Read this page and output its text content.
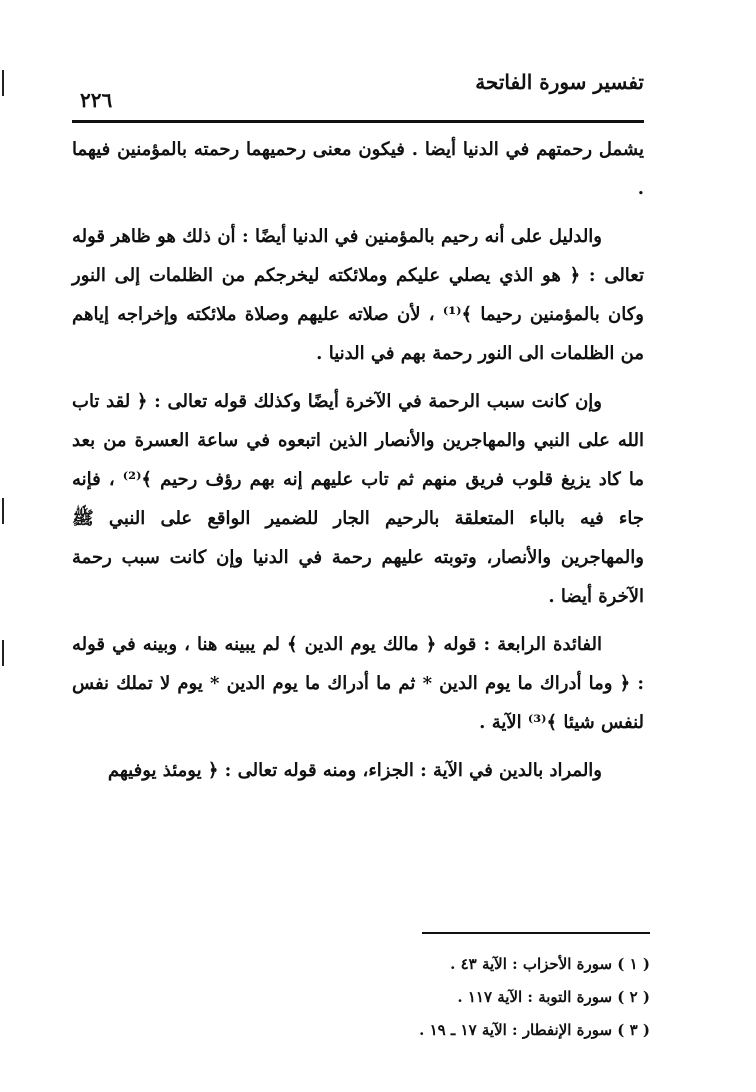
تفسير سورة الفاتحة
٢٢٦

يشمل رحمتهم في الدنيا أيضا . فيكون معنى رحميهما رحمته بالمؤمنين فيهما .

والدليل على أنه رحيم بالمؤمنين في الدنيا أيضًا : أن ذلك هو ظاهر قوله تعالى : ﴿ هو الذي يصلي عليكم وملائكته ليخرجكم من الظلمات إلى النور وكان بالمؤمنين رحيما ﴾⁽¹⁾ ، لأن صلاته عليهم وصلاة ملائكته وإخراجه إياهم من الظلمات الى النور رحمة بهم في الدنيا .

وإن كانت سبب الرحمة في الآخرة أيضًا وكذلك قوله تعالى : ﴿ لقد تاب الله على النبي والمهاجرين والأنصار الذين اتبعوه في ساعة العسرة من بعد ما كاد يزيغ قلوب فريق منهم ثم تاب عليهم إنه بهم رؤف رحيم ﴾⁽²⁾ ، فإنه جاء فيه بالباء المتعلقة بالرحيم الجار للضمير الواقع على النبي ﷺ والمهاجرين والأنصار، وتوبته عليهم رحمة في الدنيا وإن كانت سبب رحمة الآخرة أيضا .

الفائدة الرابعة : قوله ﴿ مالك يوم الدين ﴾ لم يبينه هنا ، وبينه في قوله : ﴿ وما أدراك ما يوم الدين * ثم ما أدراك ما يوم الدين * يوم لا تملك نفس لنفس شيئا ﴾⁽³⁾ الآية .

والمراد بالدين في الآية : الجزاء، ومنه قوله تعالى : ﴿ يومئذ يوفيهم

( ١ ) سورة الأحزاب : الآية ٤٣ .

( ٢ ) سورة التوبة : الآية ١١٧ .

( ٣ ) سورة الإنفطار : الآية ١٧ ـ ١٩ .
